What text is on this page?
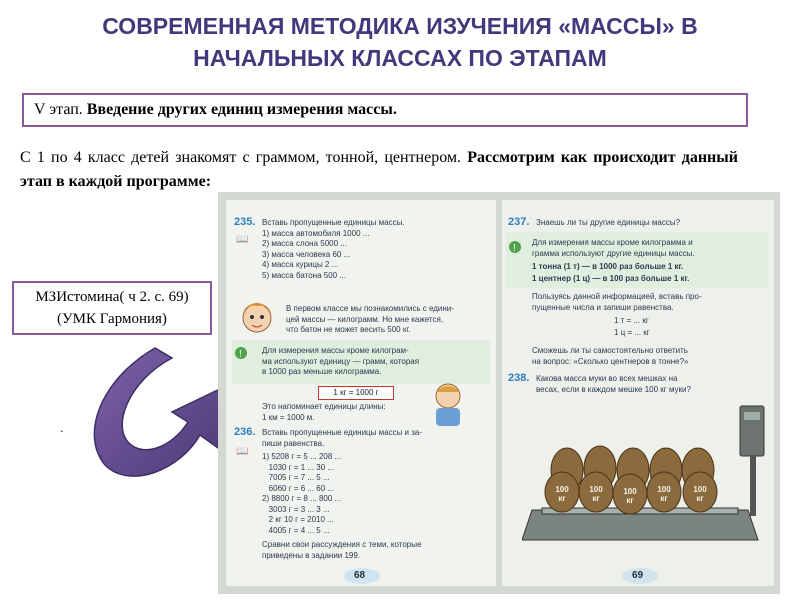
СОВРЕМЕННАЯ МЕТОДИКА ИЗУЧЕНИЯ «МАССЫ» В
НАЧАЛЬНЫХ КЛАССАХ ПО ЭТАПАМ
V этап. Введение других единиц измерения массы.
С 1 по 4 класс детей знакомят с граммом, тонной, центнером. Рассмотрим как происходит данный этап в каждой программе:
МЗИстомина( ч 2. с. 69)
(УМК Гармония)
.
.
235.
📖
Вставь пропущенные единицы массы.
1) масса автомобиля 1000 ...
2) масса слона 5000 ...
3) масса человека 60 ...
4) масса курицы 2 ...
5) масса батона 500 ...
В первом классе мы познакомились с едини-
цей массы — килограмм. Но мне кажется,
что батон не может весить 500 кг.
!	Для измерения массы кроме килограм-
ма используют единицу — грамм, которая
в 1000 раз меньше килограмма.
1 кг = 1000 г
Это напоминает единицы длины:
1 км = 1000 м.
236.
📖
Вставь пропущенные единицы массы и за-
пиши равенства.
1) 5208 г = 5 ... 208 ...
1030 г = 1 ... 30 ...
7005 г = 7 ... 5 ...
6060 г = 6 ... 60 ...
2) 8800 г = 8 ... 800 ...
3003 г = 3 ... 3 ...
2 кг 10 г = 2010 ...
4005 г = 4 ... 5 ...
Сравни свои рассуждения с теми, которые
приведены в задании 199.
68
237. Знаешь ли ты другие единицы массы?
!
Для измерения массы кроме килограмма и
грамма используют другие единицы массы.
1 тонна (1 т) — в 1000 раз больше 1 кг.
1 центнер (1 ц) — в 100 раз больше 1 кг.
Пользуясь данной информацией, вставь про-
пущенные числа и запиши равенства.
1 т = ... кг
1 ц = ... кг
Сможешь ли ты самостоятельно ответить
на вопрос: «Сколько центнеров в тонне?»
238. Какова масса муки во всех мешках на
весах, если в каждом мешке 100 кг муки?
100
кг
100
кг
100
кг
100
кг
100
кг
69
